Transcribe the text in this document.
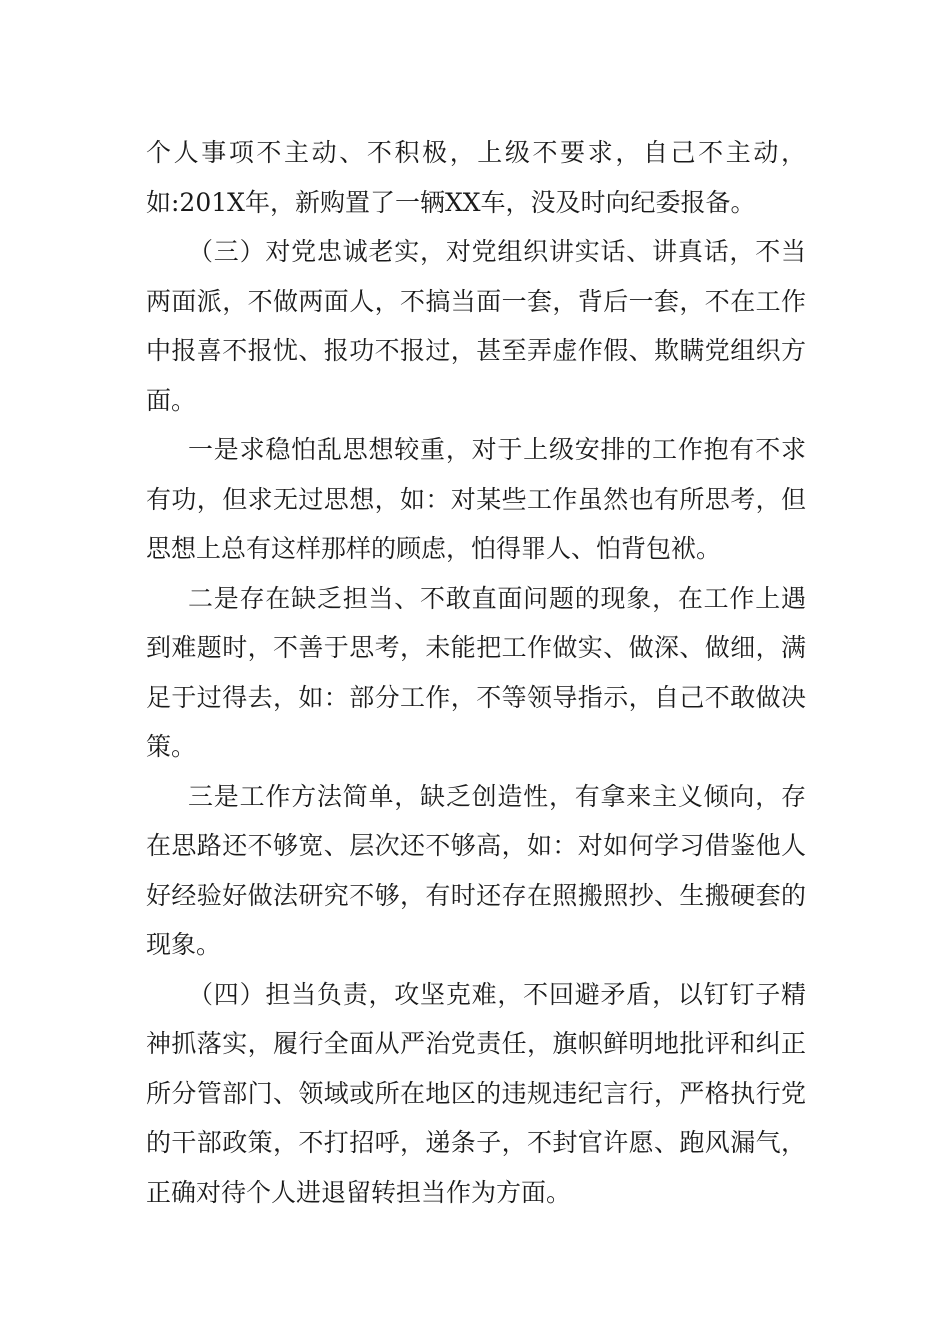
个人事项不主动、不积极，上级不要求，自己不主动，如:201X年，新购置了一辆XX车，没及时向纪委报备。

（三）对党忠诚老实，对党组织讲实话、讲真话，不当两面派，不做两面人，不搞当面一套，背后一套，不在工作中报喜不报忧、报功不报过，甚至弄虚作假、欺瞒党组织方面。

一是求稳怕乱思想较重，对于上级安排的工作抱有不求有功，但求无过思想，如：对某些工作虽然也有所思考，但思想上总有这样那样的顾虑，怕得罪人、怕背包袱。

二是存在缺乏担当、不敢直面问题的现象，在工作上遇到难题时，不善于思考，未能把工作做实、做深、做细，满足于过得去，如：部分工作，不等领导指示，自己不敢做决策。

三是工作方法简单，缺乏创造性，有拿来主义倾向，存在思路还不够宽、层次还不够高，如：对如何学习借鉴他人好经验好做法研究不够，有时还存在照搬照抄、生搬硬套的现象。

（四）担当负责，攻坚克难，不回避矛盾，以钉钉子精神抓落实，履行全面从严治党责任，旗帜鲜明地批评和纠正所分管部门、领域或所在地区的违规违纪言行，严格执行党的干部政策，不打招呼，递条子，不封官许愿、跑风漏气，正确对待个人进退留转担当作为方面。
